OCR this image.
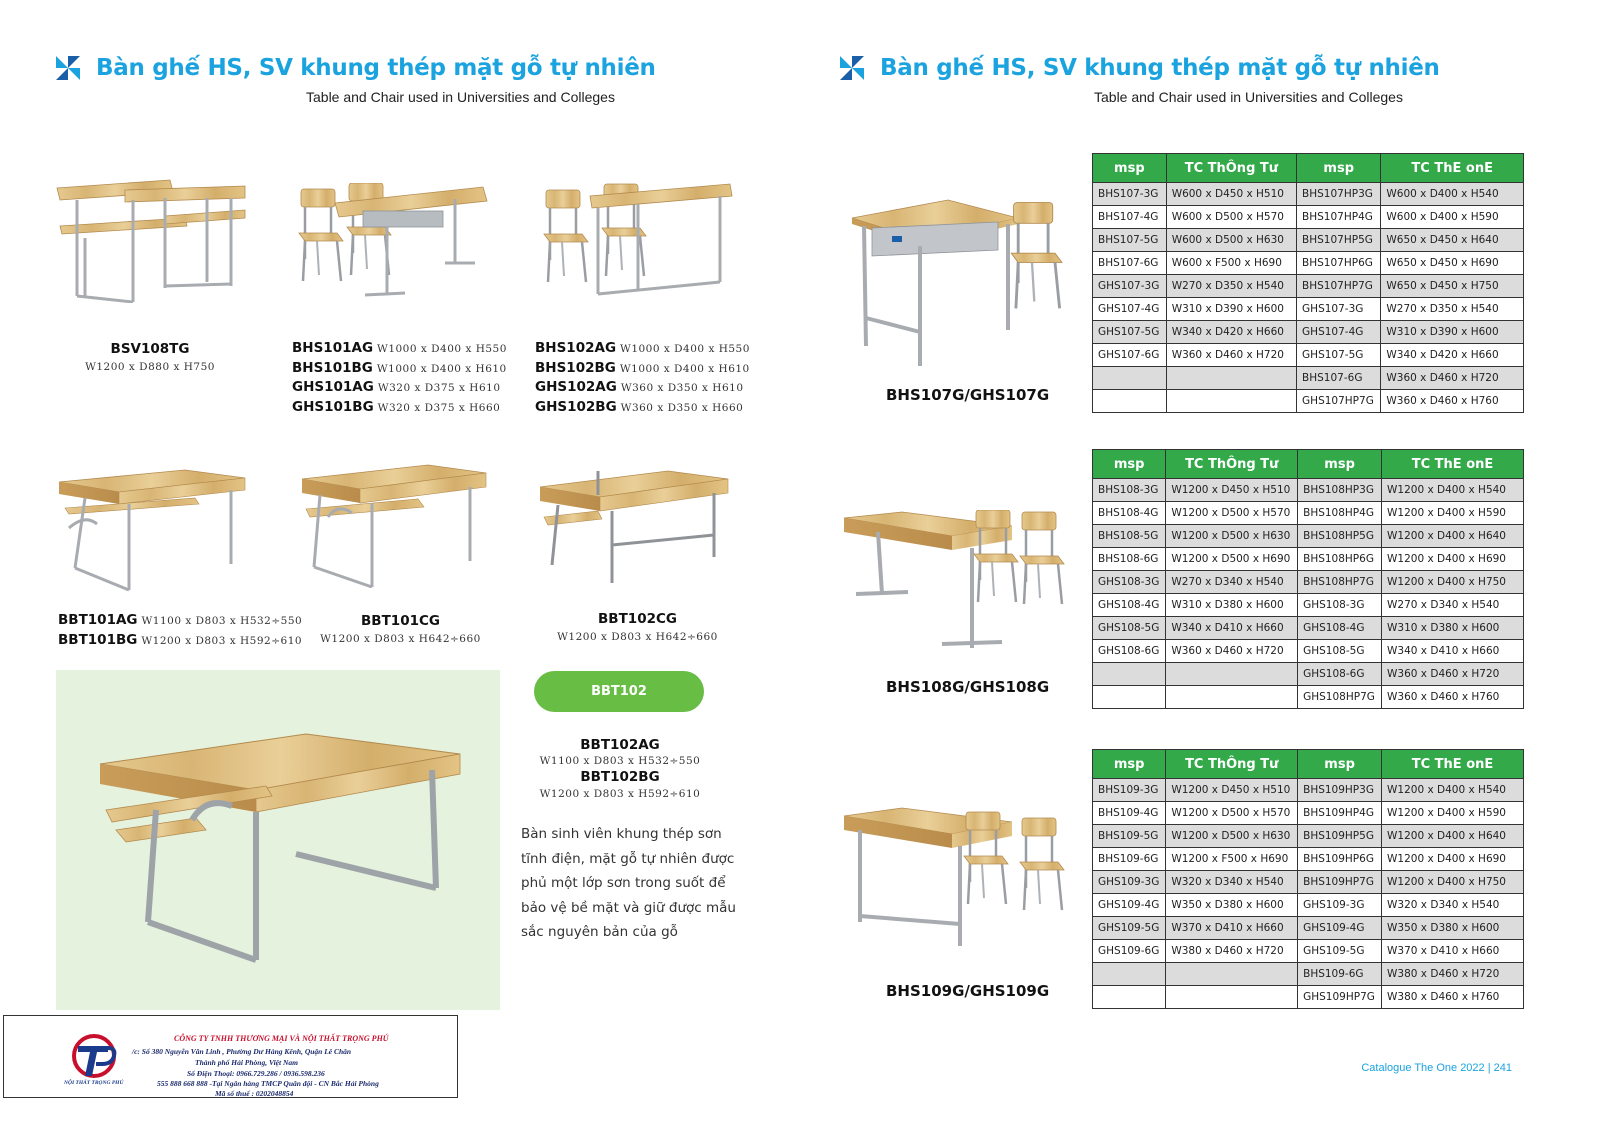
Bàn ghế HS, SV khung thép mặt gỗ tự nhiên
Table and Chair used in Universities and Colleges
Bàn ghế HS, SV khung thép mặt gỗ tự nhiên
Table and Chair used in Universities and Colleges
BSV108TG
W1200 x D880 x H750
BHS101AG W1000 x D400 x H550
BHS101BG W1000 x D400 x H610
GHS101AG W320 x D375 x H610
GHS101BG W320 x D375 x H660
BHS102AG W1000 x D400 x H550
BHS102BG W1000 x D400 x H610
GHS102AG W360 x D350 x H610
GHS102BG W360 x D350 x H660
BBT101AG W1100 x D803 x H532÷550
BBT101BG W1200 x D803 x H592÷610
BBT101CG
W1200 x D803 x H642÷660
BBT102CG
W1200 x D803 x H642÷660
BBT102
BBT102AG
W1100 x D803 x H532÷550
BBT102BG
W1200 x D803 x H592÷610
Bàn sinh viên khung thép sơn
tĩnh điện, mặt gỗ tự nhiên được
phủ một lớp sơn trong suốt để
bảo vệ bề mặt và giữ được mẫu
sắc nguyên bản của gỗ
NỘI THẤT TRỌNG PHÚ
CÔNG TY TNHH THƯƠNG MẠI VÀ NỘI THẤT TRỌNG PHÚ
/c: Số 380 Nguyễn Văn Linh , Phường Dư Hàng Kênh, Quận Lê Chân
Thành phố Hải Phòng, Việt Nam
Số Điện Thoại: 0966.729.286 / 0936.598.236
555 888 668 888 -Tại Ngân hàng TMCP Quân đội - CN Bắc Hải Phòng
Mã số thuế : 0202048854
BHS107G/GHS107G
BHS108G/GHS108G
BHS109G/GHS109G
msp	TC ThÔng Tư	msp	TC ThE onE
BHS107-3G	W600 x D450 x H510	BHS107HP3G	W600 x D400 x H540
BHS107-4G	W600 x D500 x H570	BHS107HP4G	W600 x D400 x H590
BHS107-5G	W600 x D500 x H630	BHS107HP5G	W650 x D450 x H640
BHS107-6G	W600 x F500 x H690	BHS107HP6G	W650 x D450 x H690
GHS107-3G	W270 x D350 x H540	BHS107HP7G	W650 x D450 x H750
GHS107-4G	W310 x D390 x H600	GHS107-3G	W270 x D350 x H540
GHS107-5G	W340 x D420 x H660	GHS107-4G	W310 x D390 x H600
GHS107-6G	W360 x D460 x H720	GHS107-5G	W340 x D420 x H660
		BHS107-6G	W360 x D460 x H720
		GHS107HP7G	W360 x D460 x H760
msp	TC ThÔng Tư	msp	TC ThE onE
BHS108-3G	W1200 x D450 x H510	BHS108HP3G	W1200 x D400 x H540
BHS108-4G	W1200 x D500 x H570	BHS108HP4G	W1200 x D400 x H590
BHS108-5G	W1200 x D500 x H630	BHS108HP5G	W1200 x D400 x H640
BHS108-6G	W1200 x D500 x H690	BHS108HP6G	W1200 x D400 x H690
GHS108-3G	W270 x D340 x H540	BHS108HP7G	W1200 x D400 x H750
GHS108-4G	W310 x D380 x H600	GHS108-3G	W270 x D340 x H540
GHS108-5G	W340 x D410 x H660	GHS108-4G	W310 x D380 x H600
GHS108-6G	W360 x D460 x H720	GHS108-5G	W340 x D410 x H660
		GHS108-6G	W360 x D460 x H720
		GHS108HP7G	W360 x D460 x H760
msp	TC ThÔng Tư	msp	TC ThE onE
BHS109-3G	W1200 x D450 x H510	BHS109HP3G	W1200 x D400 x H540
BHS109-4G	W1200 x D500 x H570	BHS109HP4G	W1200 x D400 x H590
BHS109-5G	W1200 x D500 x H630	BHS109HP5G	W1200 x D400 x H640
BHS109-6G	W1200 x F500 x H690	BHS109HP6G	W1200 x D400 x H690
GHS109-3G	W320 x D340 x H540	BHS109HP7G	W1200 x D400 x H750
GHS109-4G	W350 x D380 x H600	GHS109-3G	W320 x D340 x H540
GHS109-5G	W370 x D410 x H660	GHS109-4G	W350 x D380 x H600
GHS109-6G	W380 x D460 x H720	GHS109-5G	W370 x D410 x H660
		BHS109-6G	W380 x D460 x H720
		GHS109HP7G	W380 x D460 x H760
Catalogue The One 2022 | 241
